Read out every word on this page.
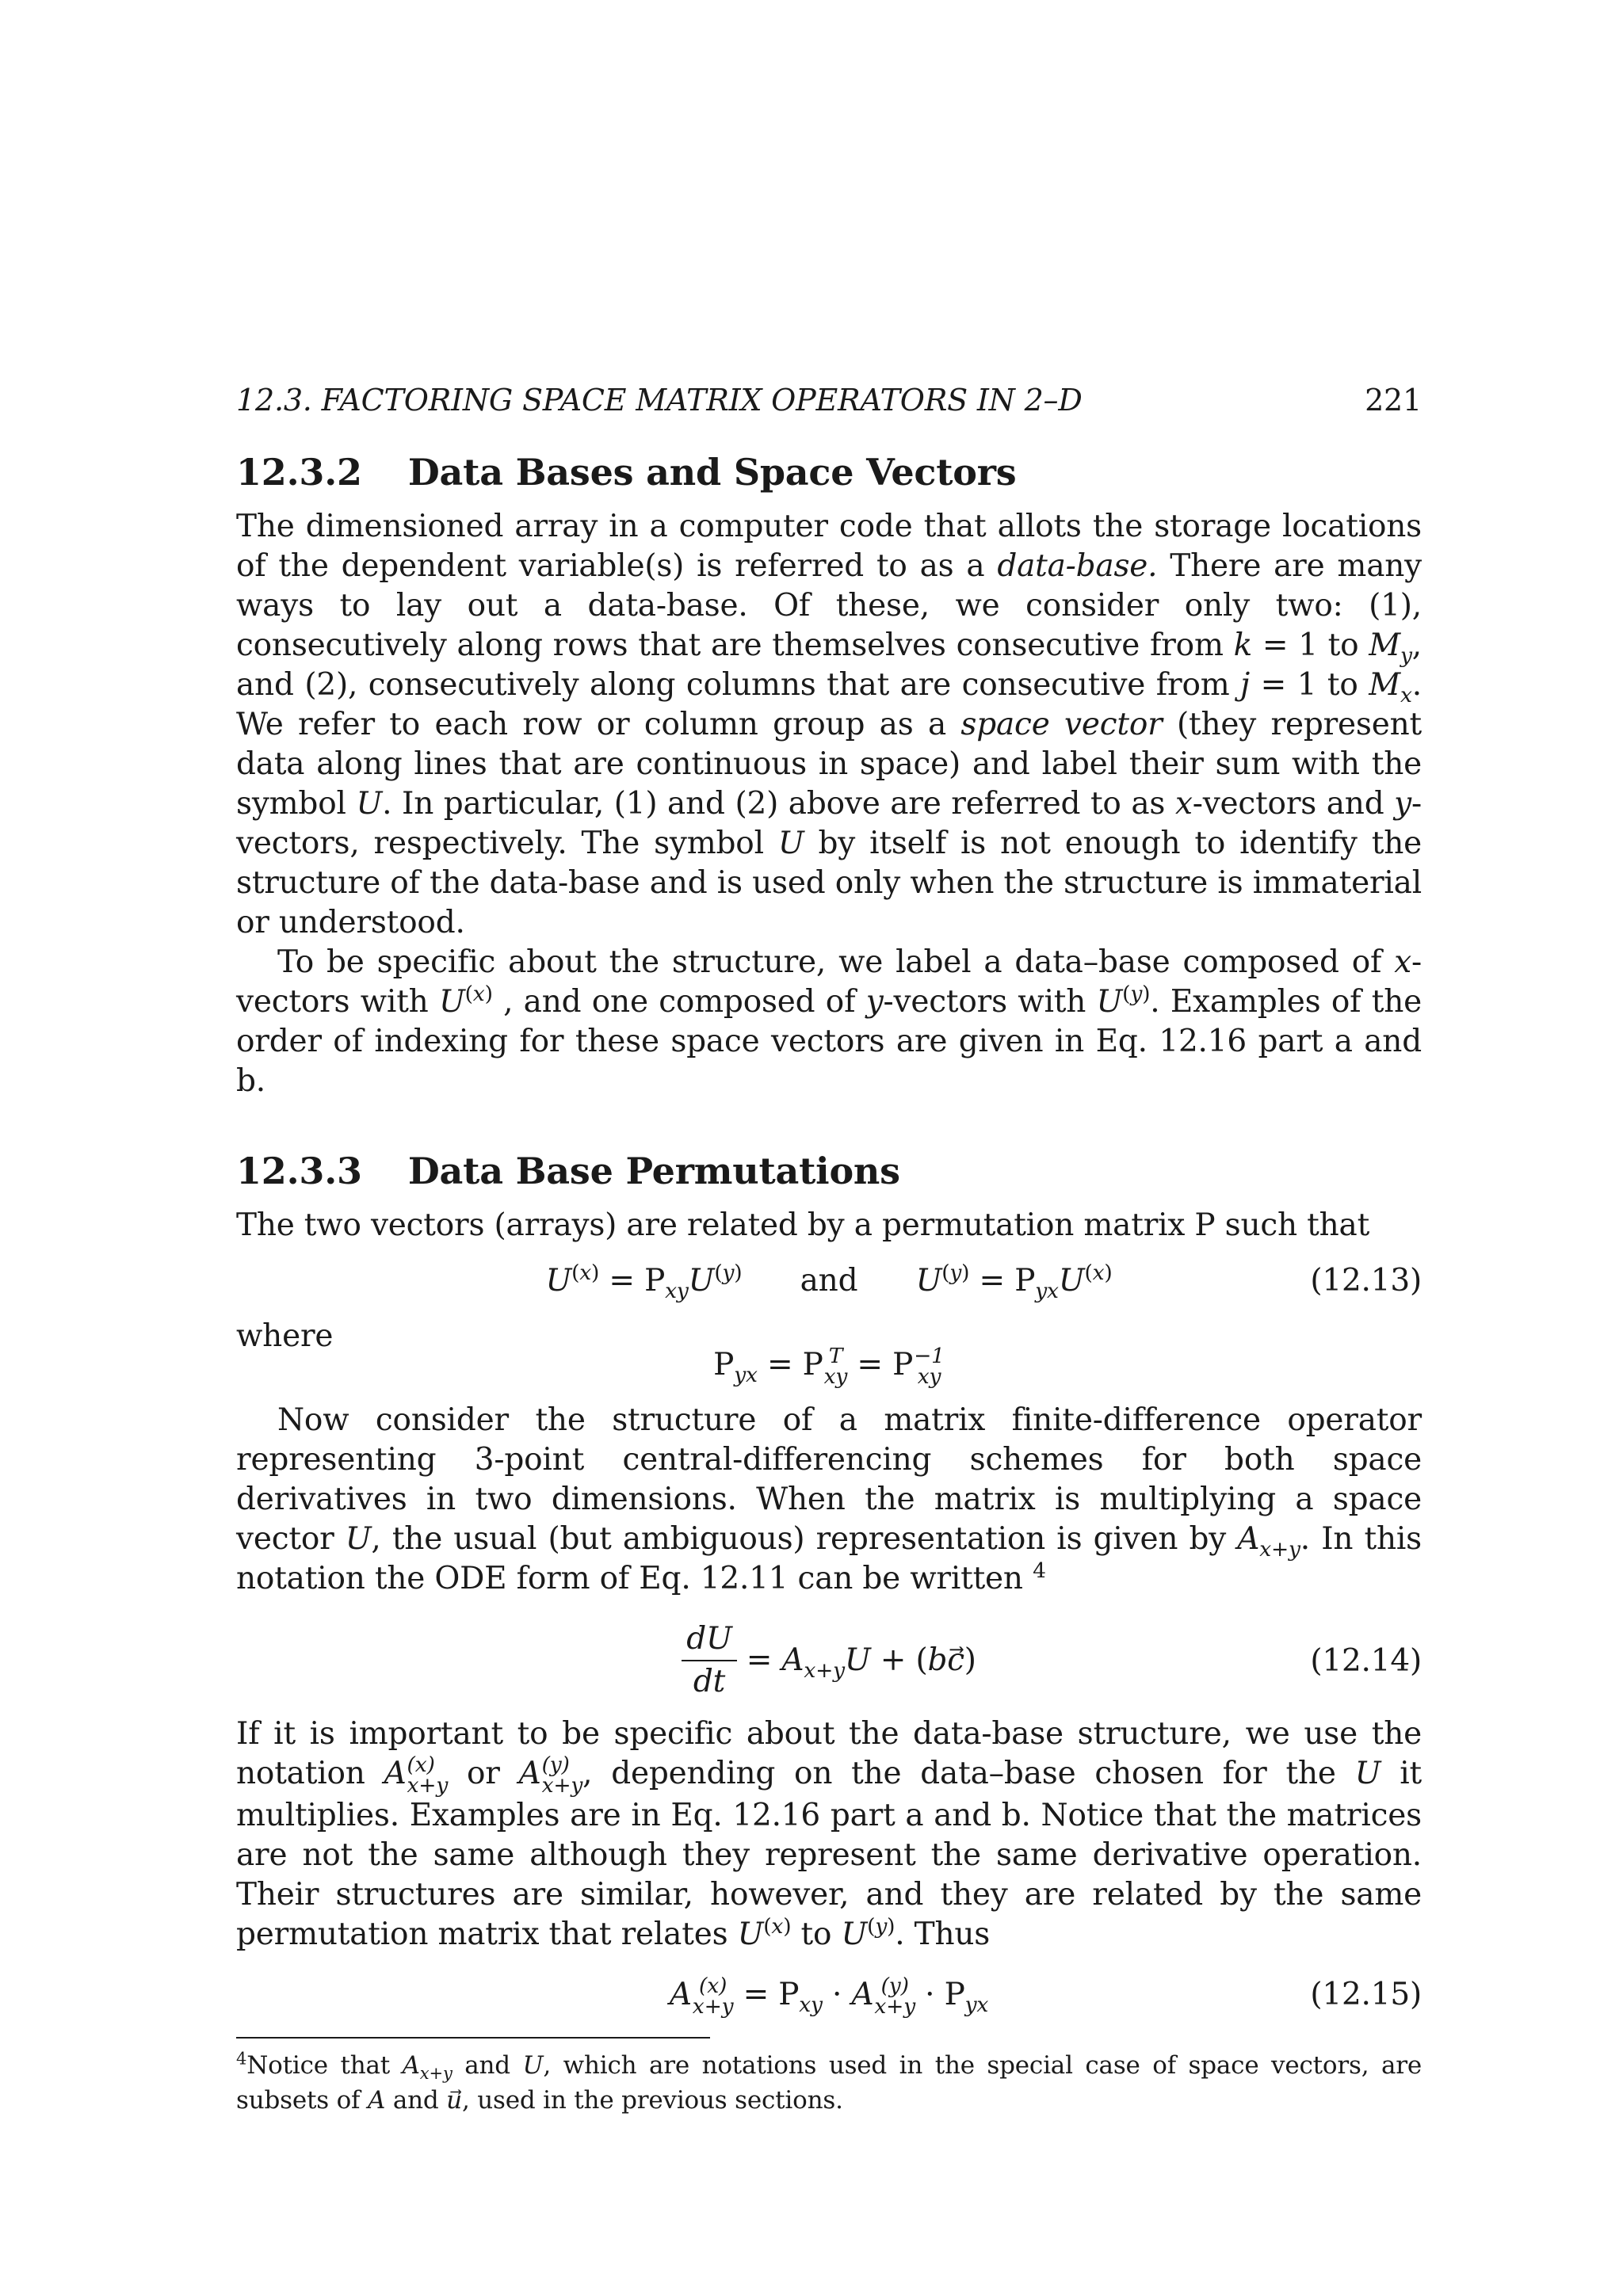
12.3. FACTORING SPACE MATRIX OPERATORS IN 2–D	221
12.3.2 Data Bases and Space Vectors

The dimensioned array in a computer code that allots the storage locations of the dependent variable(s) is referred to as a data-base. There are many ways to lay out a data-base. Of these, we consider only two: (1), consecutively along rows that are themselves consecutive from k = 1 to $M_y$, and (2), consecutively along columns that are consecutive from j = 1 to $M_x$. We refer to each row or column group as a space vector (they represent data along lines that are continuous in space) and label their sum with the symbol U. In particular, (1) and (2) above are referred to as x-vectors and y-vectors, respectively. The symbol U by itself is not enough to identify the structure of the data-base and is used only when the structure is immaterial or understood.

To be specific about the structure, we label a data–base composed of x-vectors with $U^{(x)}$ , and one composed of y-vectors with $U^{(y)}$. Examples of the order of indexing for these space vectors are given in Eq. 12.16 part a and b.

12.3.3 Data Base Permutations

The two vectors (arrays) are related by a permutation matrix P such that

$U^{(x)} = P_{xy}U^{(y)}$ and $U^{(y)} = P_{yx}U^{(x)}$	(12.13)
where
$P_{yx} = P$ T
xy = P −1
xy

Now consider the structure of a matrix finite-difference operator representing 3-point central-differencing schemes for both space derivatives in two dimensions. When the matrix is multiplying a space vector U, the usual (but ambiguous) representation is given by $A_{x+y}$. In this notation the ODE form of Eq. 12.11 can be written $^4$

$\frac{dU}{dt} = A_{x+y}U$ + (bc⃗)	(12.14)

If it is important to be specific about the data-base structure, we use the notation A (x)
x+y or A (y)
x+y , depending on the data–base chosen for the U it multiplies. Examples are in Eq. 12.16 part a and b. Notice that the matrices are not the same although they represent the same derivative operation. Their structures are similar, however, and they are related by the same permutation matrix that relates $U^{(x)}$ to $U^{(y)}$. Thus

A (x)
$x+y = P_{xy} \cdot A$ (y)
$x+y \cdot P_{yx}$	(12.15)
$^4$Notice that $A_{x+y}$ and U, which are notations used in the special case of space vectors, are subsets of A and u, used in the previous sections.
